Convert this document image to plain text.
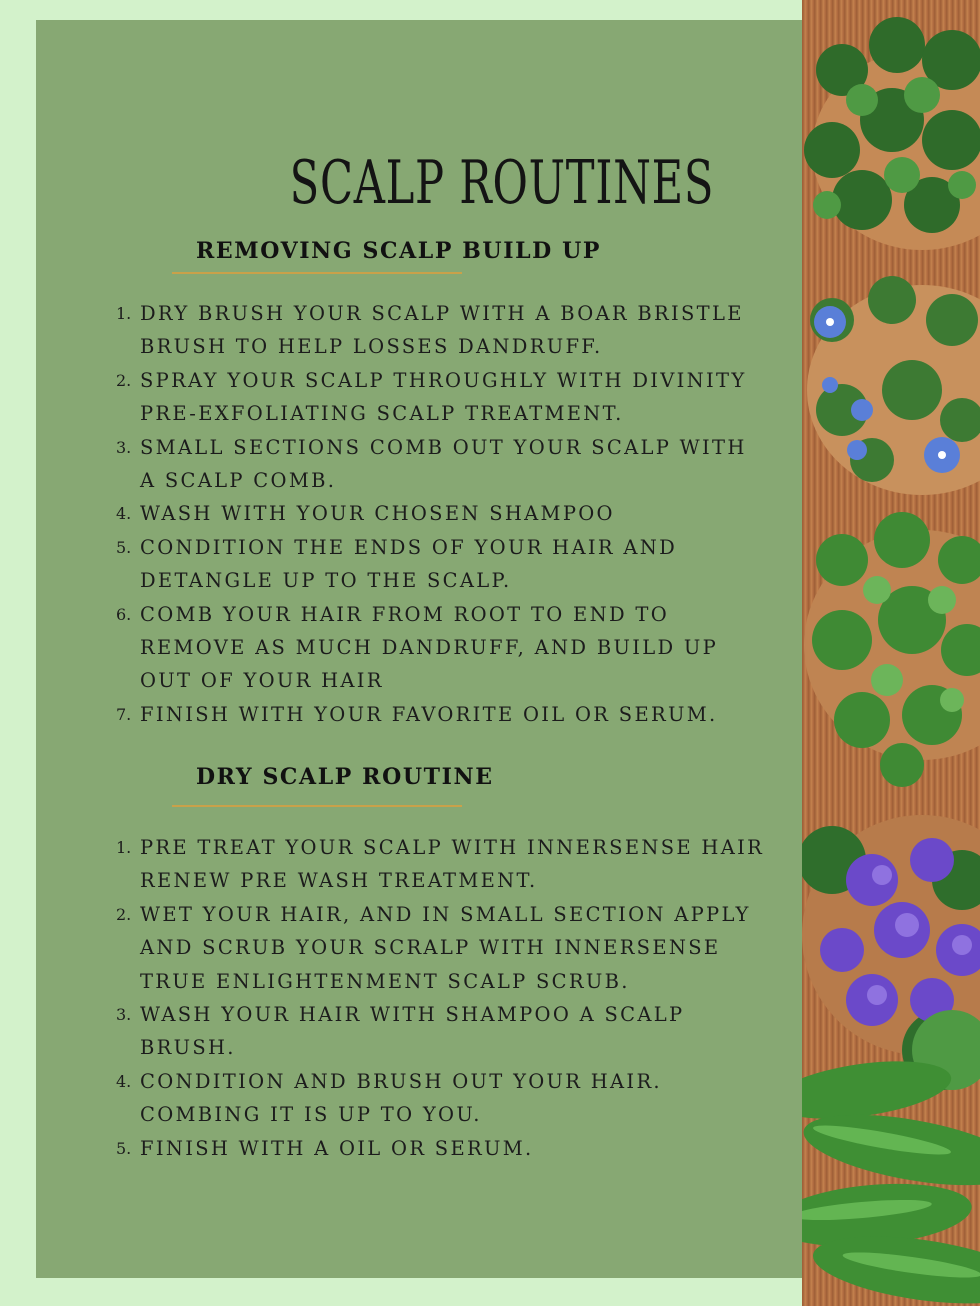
SCALP ROUTINES
REMOVING SCALP BUILD UP
1. DRY BRUSH YOUR SCALP WITH A BOAR BRISTLE BRUSH TO HELP LOSSES DANDRUFF.
2. SPRAY YOUR SCALP THROUGHLY WITH DIVINITY PRE-EXFOLIATING SCALP TREATMENT.
3. SMALL SECTIONS COMB OUT YOUR SCALP WITH A SCALP COMB.
4. WASH WITH YOUR CHOSEN SHAMPOO
5. CONDITION THE ENDS OF YOUR HAIR AND DETANGLE UP TO THE SCALP.
6. COMB YOUR HAIR FROM ROOT TO END TO REMOVE AS MUCH DANDRUFF, AND BUILD UP OUT OF YOUR HAIR
7. FINISH WITH YOUR FAVORITE OIL OR SERUM.
DRY SCALP ROUTINE
1. PRE TREAT YOUR SCALP WITH INNERSENSE HAIR RENEW PRE WASH TREATMENT.
2. WET YOUR HAIR, AND IN SMALL SECTION APPLY AND SCRUB YOUR SCRALP WITH INNERSENSE TRUE ENLIGHTENMENT SCALP SCRUB.
3. WASH YOUR HAIR WITH SHAMPOO A SCALP BRUSH.
4. CONDITION AND BRUSH OUT YOUR HAIR. COMBING IT IS UP TO YOU.
5. FINISH WITH A OIL OR SERUM.
